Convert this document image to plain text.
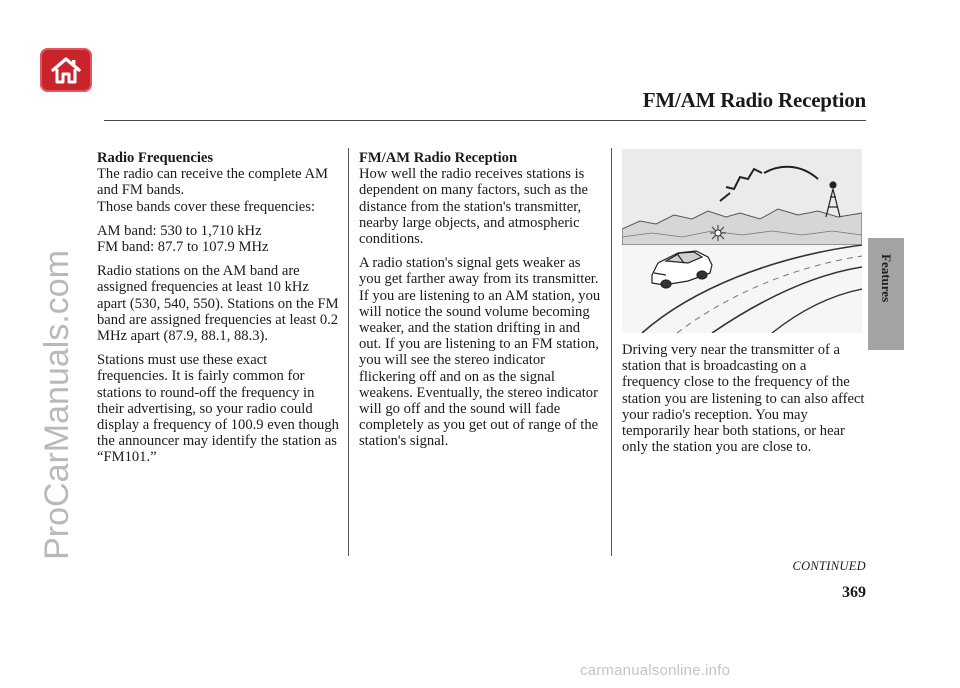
FM/AM Radio Reception
Features
ProCarManuals.com

Radio Frequencies
The radio can receive the complete AM and FM bands.
Those bands cover these frequencies:

AM band: 530 to 1,710 kHz
FM band: 87.7 to 107.9 MHz

Radio stations on the AM band are assigned frequencies at least 10 kHz apart (530, 540, 550). Stations on the FM band are assigned frequencies at least 0.2 MHz apart (87.9, 88.1, 88.3).

Stations must use these exact frequencies. It is fairly common for stations to round-off the frequency in their advertising, so your radio could display a frequency of 100.9 even though the announcer may identify the station as “FM101.”

FM/AM Radio Reception
How well the radio receives stations is dependent on many factors, such as the distance from the station's transmitter, nearby large objects, and atmospheric conditions.

A radio station's signal gets weaker as you get farther away from its transmitter. If you are listening to an AM station, you will notice the sound volume becoming weaker, and the station drifting in and out. If you are listening to an FM station, you will see the stereo indicator flickering off and on as the signal weakens. Eventually, the stereo indicator will go off and the sound will fade completely as you get out of range of the station's signal.

Driving very near the transmitter of a station that is broadcasting on a frequency close to the frequency of the station you are listening to can also affect your radio's reception. You may temporarily hear both stations, or hear only the station you are close to.

CONTINUED
369
carmanualsonline.info
